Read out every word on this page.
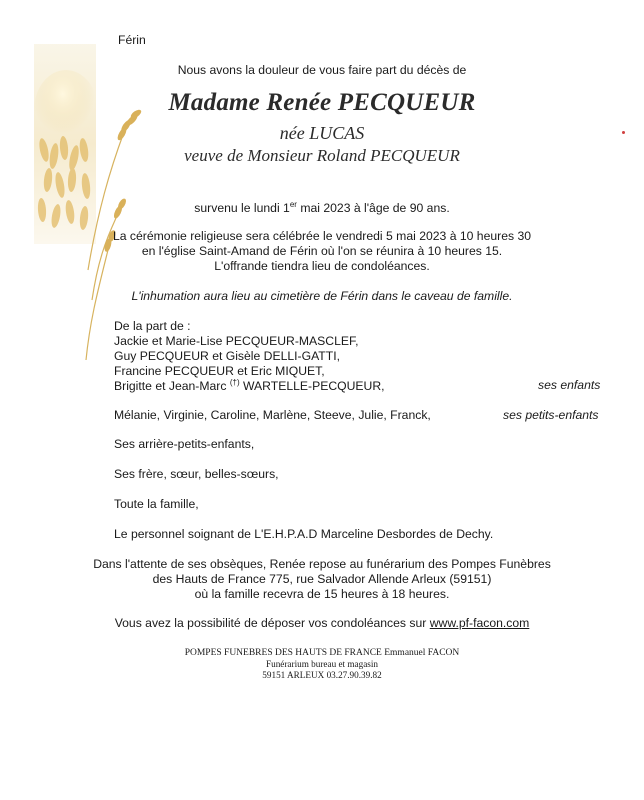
Férin
Nous avons la douleur de vous faire part du décès de
Madame Renée PECQUEUR
née LUCAS
veuve de Monsieur Roland PECQUEUR
survenu le lundi 1er mai 2023 à l'âge de 90 ans.
La cérémonie religieuse sera célébrée le vendredi 5 mai 2023 à 10 heures 30
en l'église Saint-Amand de Férin où l'on se réunira à 10 heures 15.
L'offrande tiendra lieu de condoléances.
L'inhumation aura lieu au cimetière de Férin dans le caveau de famille.
De la part de :
Jackie et Marie-Lise PECQUEUR-MASCLEF,
Guy PECQUEUR et Gisèle DELLI-GATTI,
Francine PECQUEUR et Eric MIQUET,
Brigitte et Jean-Marc (†) WARTELLE-PECQUEUR,	ses enfants
Mélanie, Virginie, Caroline, Marlène, Steeve, Julie, Franck,	ses petits-enfants
Ses arrière-petits-enfants,
Ses frère, sœur, belles-sœurs,
Toute la famille,
Le personnel soignant de L'E.H.P.A.D Marceline Desbordes de Dechy.
Dans l'attente de ses obsèques, Renée repose au funérarium des Pompes Funèbres
des Hauts de France 775, rue Salvador Allende Arleux (59151)
où la famille recevra de 15 heures à 18 heures.
Vous avez la possibilité de déposer vos condoléances sur www.pf-facon.com
POMPES FUNEBRES DES HAUTS DE FRANCE Emmanuel FACON
Funérarium bureau et magasin
59151 ARLEUX 03.27.90.39.82
